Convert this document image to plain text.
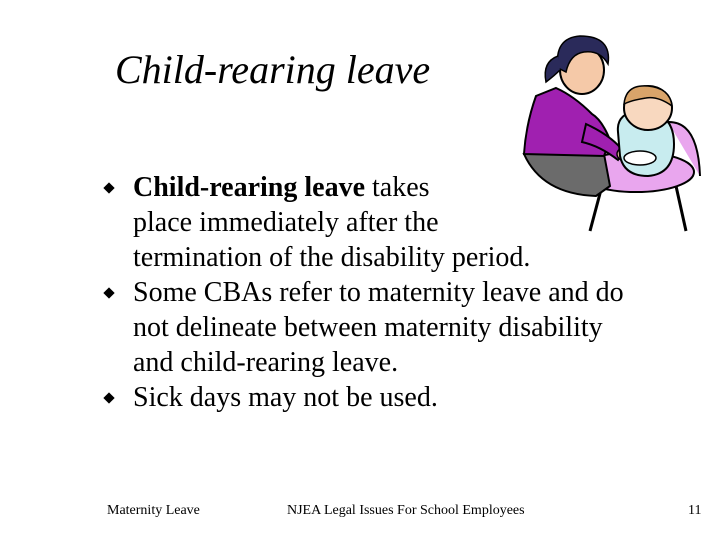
Child-rearing leave
Child-rearing leave takes
place immediately after the
termination of the disability period.
Some CBAs refer to maternity leave and do
not delineate between maternity disability
and child-rearing leave.
Sick days may not be used.
Maternity Leave	NJEA Legal Issues For School Employees	11
